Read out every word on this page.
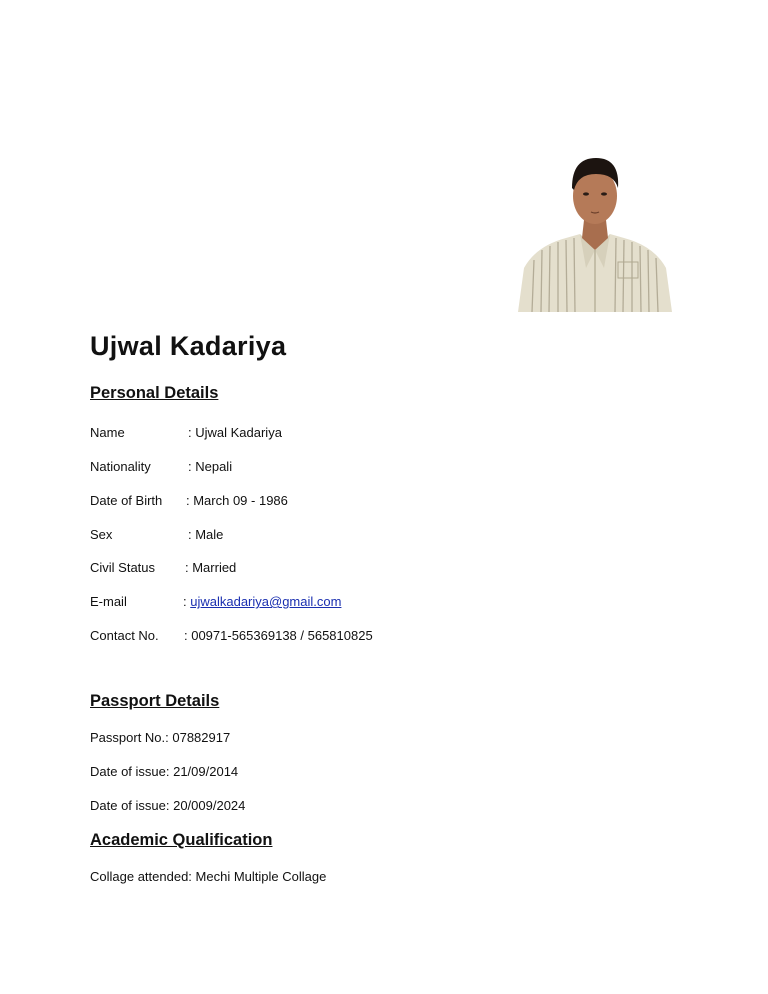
Ujwal Kadariya
Personal Details
Name	: Ujwal Kadariya
Nationality	: Nepali
Date of Birth : March 09 - 1986
Sex	: Male
Civil Status : Married
E-mail	: ujwalkadariya@gmail.com
Contact No. : 00971-565369138 / 565810825
Passport Details
Passport No.: 07882917
Date of issue: 21/09/2014
Date of issue: 20/009/2024
Academic Qualification
Collage attended: Mechi Multiple Collage
